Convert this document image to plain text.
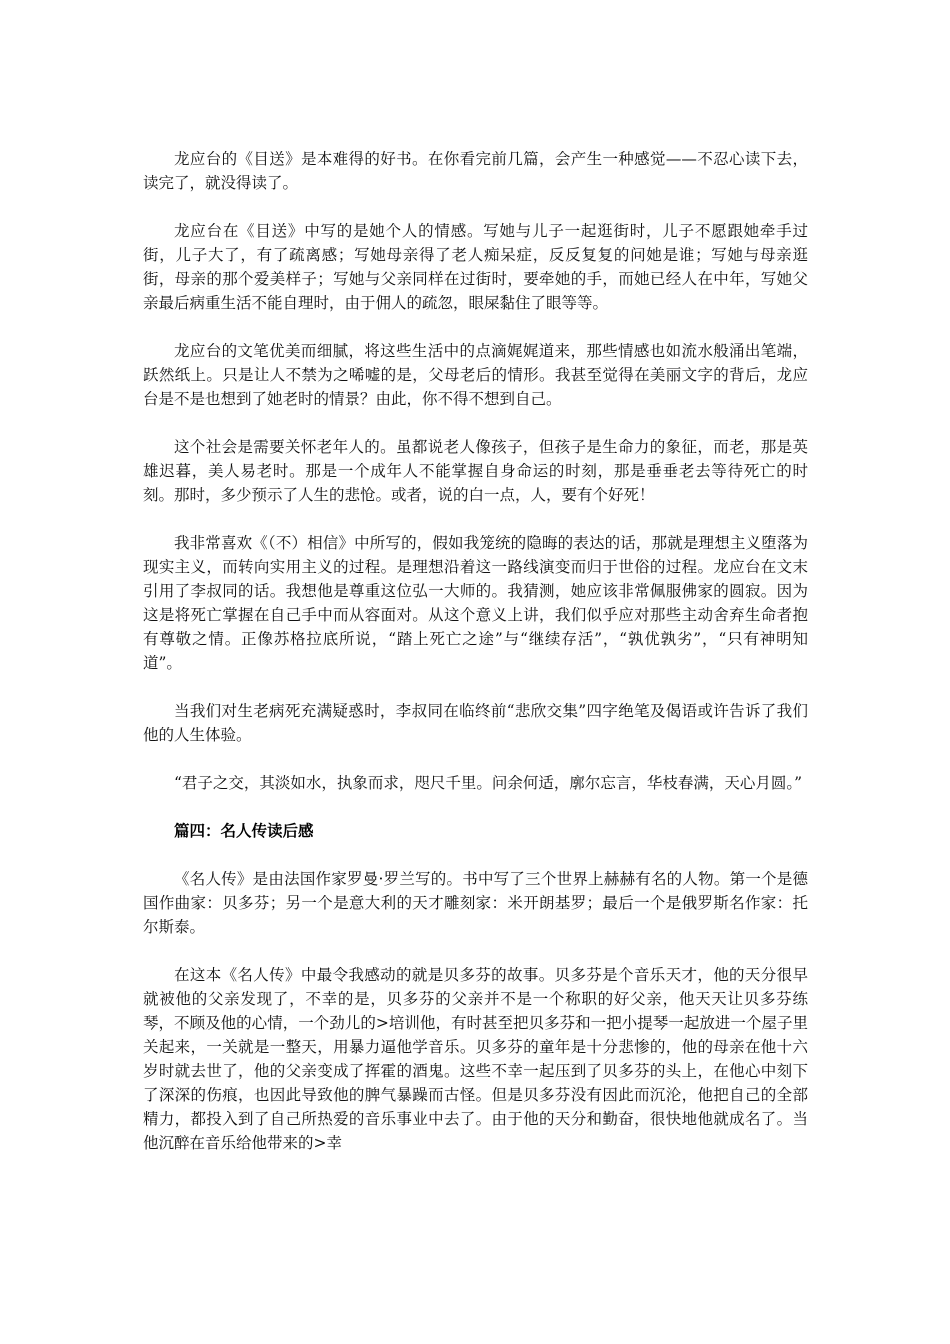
龙应台的《目送》是本难得的好书。在你看完前几篇，会产生一种感觉——不忍心读下去，读完了，就没得读了。

龙应台在《目送》中写的是她个人的情感。写她与儿子一起逛街时，儿子不愿跟她牵手过街，儿子大了，有了疏离感；写她母亲得了老人痴呆症，反反复复的问她是谁；写她与母亲逛街，母亲的那个爱美样子；写她与父亲同样在过街时，要牵她的手，而她已经人在中年，写她父亲最后病重生活不能自理时，由于佣人的疏忽，眼屎黏住了眼等等。

龙应台的文笔优美而细腻，将这些生活中的点滴娓娓道来，那些情感也如流水般涌出笔端，跃然纸上。只是让人不禁为之唏嘘的是，父母老后的情形。我甚至觉得在美丽文字的背后，龙应台是不是也想到了她老时的情景？由此，你不得不想到自己。

这个社会是需要关怀老年人的。虽都说老人像孩子，但孩子是生命力的象征，而老，那是英雄迟暮，美人易老时。那是一个成年人不能掌握自身命运的时刻，那是垂垂老去等待死亡的时刻。那时，多少预示了人生的悲怆。或者，说的白一点，人，要有个好死！

我非常喜欢《（不）相信》中所写的，假如我笼统的隐晦的表达的话，那就是理想主义堕落为现实主义，而转向实用主义的过程。是理想沿着这一路线演变而归于世俗的过程。龙应台在文末引用了李叔同的话。我想他是尊重这位弘一大师的。我猜测，她应该非常佩服佛家的圆寂。因为这是将死亡掌握在自己手中而从容面对。从这个意义上讲，我们似乎应对那些主动舍弃生命者抱有尊敬之情。正像苏格拉底所说，“踏上死亡之途”与“继续存活”，“孰优孰劣”，“只有神明知道”。

当我们对生老病死充满疑惑时，李叔同在临终前“悲欣交集”四字绝笔及偈语或许告诉了我们他的人生体验。

“君子之交，其淡如水，执象而求，咫尺千里。问余何适，廓尔忘言，华枝春满，天心月圆。”

篇四：名人传读后感

《名人传》是由法国作家罗曼·罗兰写的。书中写了三个世界上赫赫有名的人物。第一个是德国作曲家：贝多芬；另一个是意大利的天才雕刻家：米开朗基罗；最后一个是俄罗斯名作家：托尔斯泰。

在这本《名人传》中最令我感动的就是贝多芬的故事。贝多芬是个音乐天才，他的天分很早就被他的父亲发现了，不幸的是，贝多芬的父亲并不是一个称职的好父亲，他天天让贝多芬练琴，不顾及他的心情，一个劲儿的>培训他，有时甚至把贝多芬和一把小提琴一起放进一个屋子里关起来，一关就是一整天，用暴力逼他学音乐。贝多芬的童年是十分悲惨的，他的母亲在他十六岁时就去世了，他的父亲变成了挥霍的酒鬼。这些不幸一起压到了贝多芬的头上，在他心中刻下了深深的伤痕，也因此导致他的脾气暴躁而古怪。但是贝多芬没有因此而沉沦，他把自己的全部精力，都投入到了自己所热爱的音乐事业中去了。由于他的天分和勤奋，很快地他就成名了。当他沉醉在音乐给他带来的>幸
